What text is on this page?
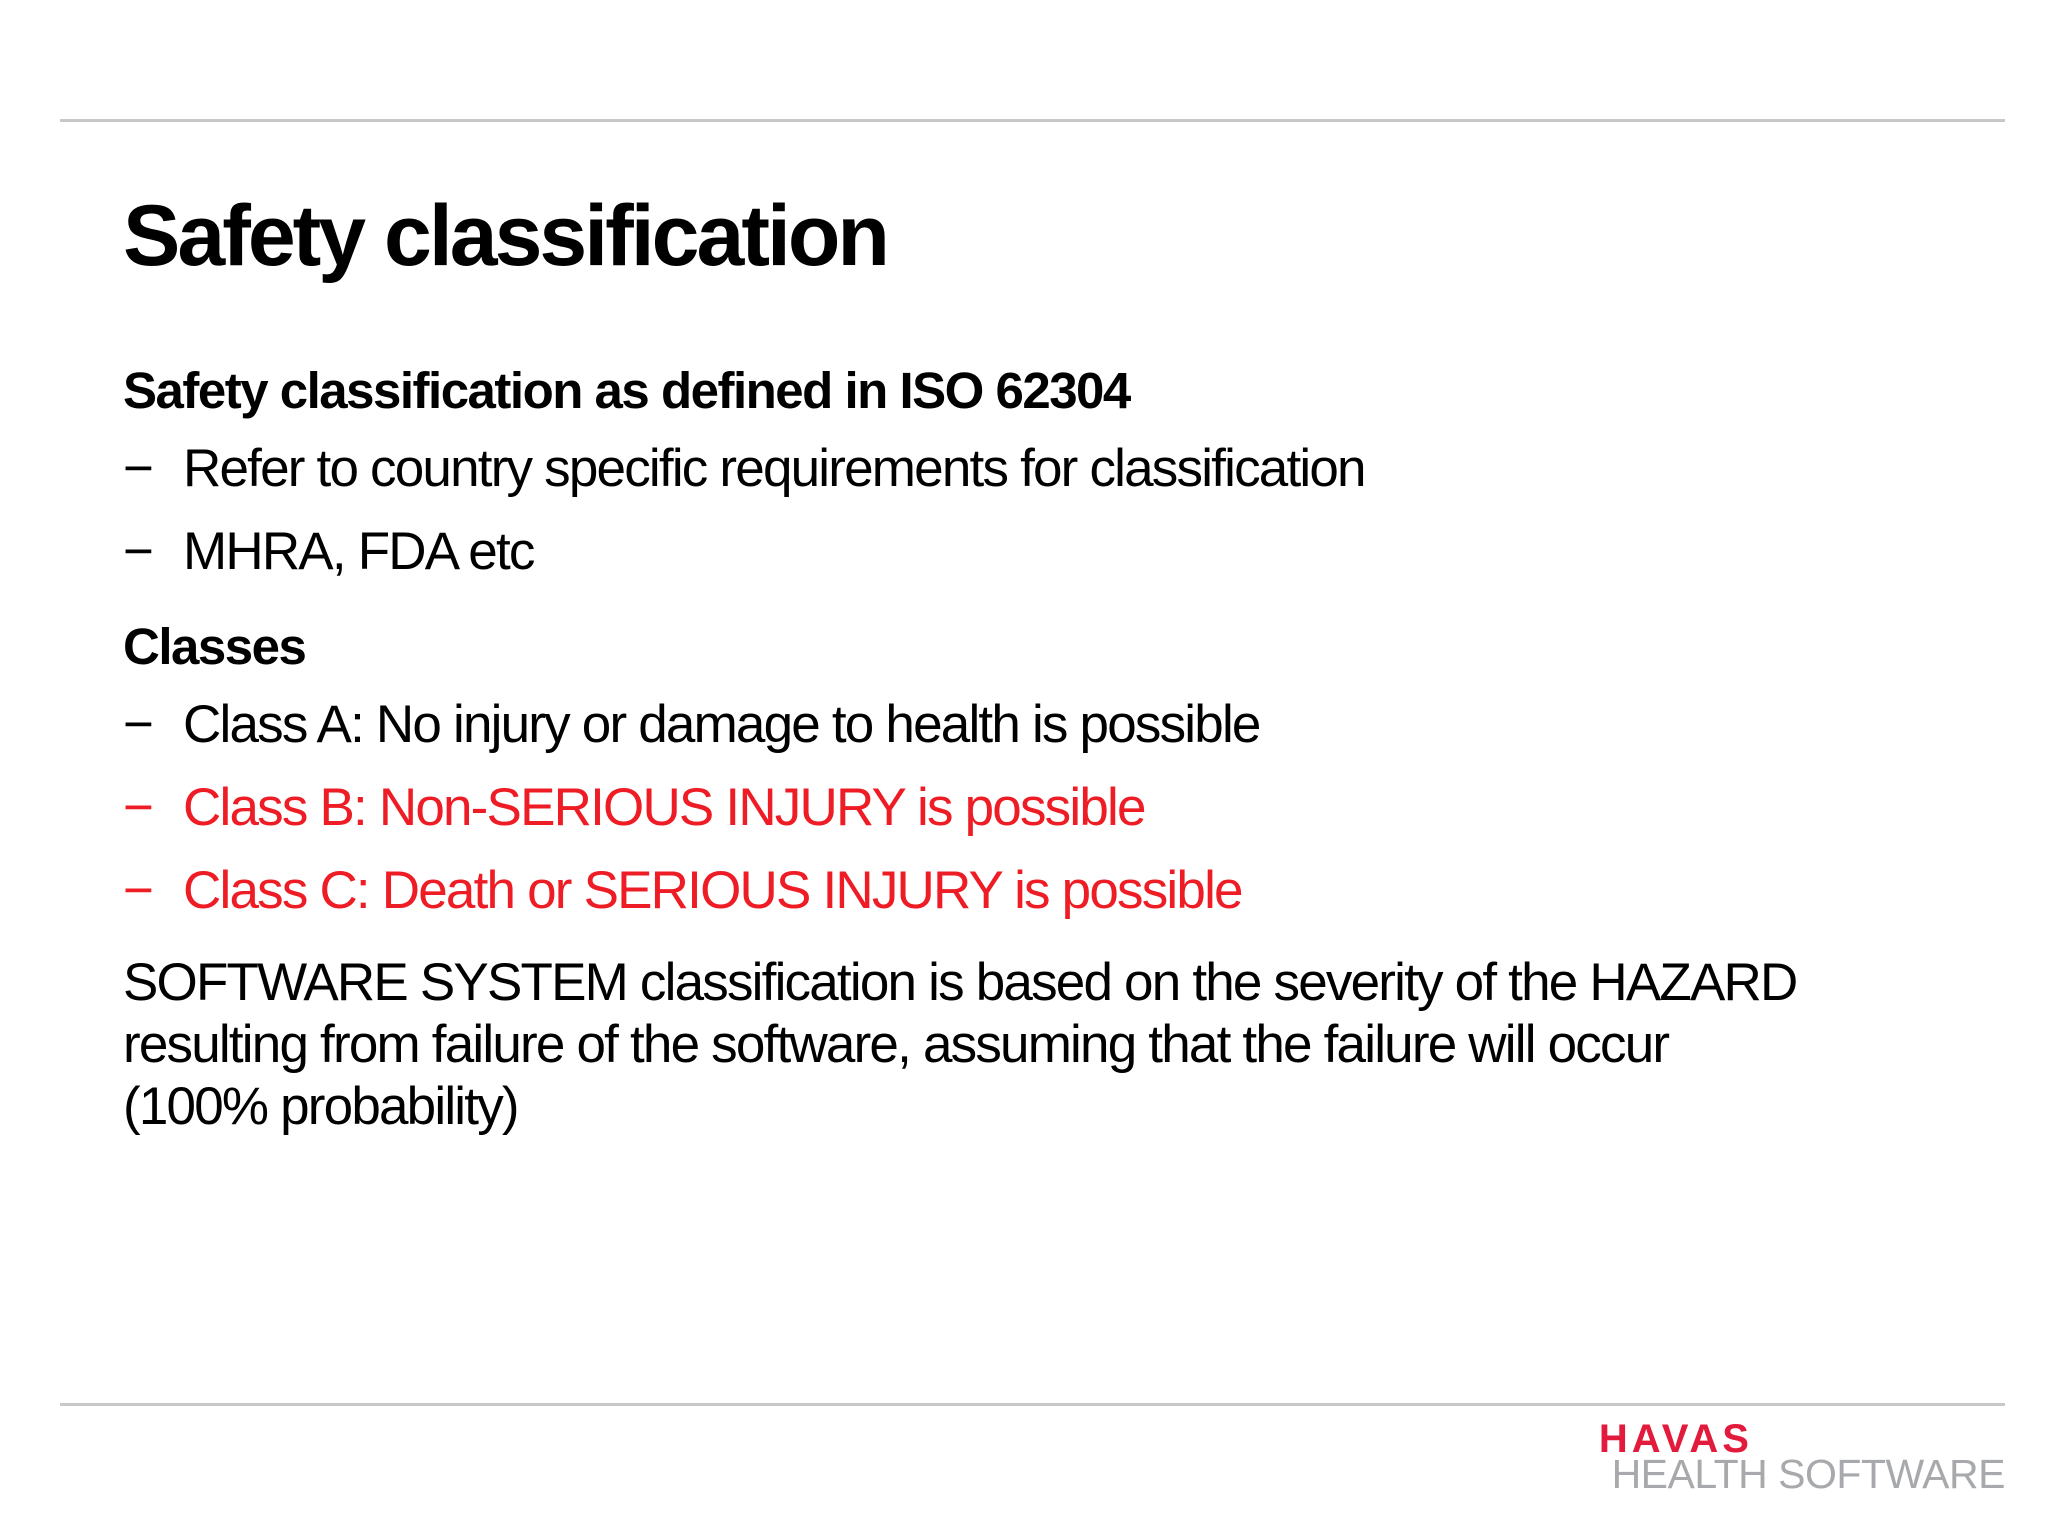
Safety classification

Safety classification as defined in ISO 62304

− Refer to country specific requirements for classification
− MHRA, FDA etc

Classes

− Class A: No injury or damage to health is possible
− Class B: Non-SERIOUS INJURY is possible
− Class C: Death or SERIOUS INJURY is possible

SOFTWARE SYSTEM classification is based on the severity of the HAZARD resulting from failure of the software, assuming that the failure will occur (100% probability)

HAVAS
HEALTH SOFTWARE
